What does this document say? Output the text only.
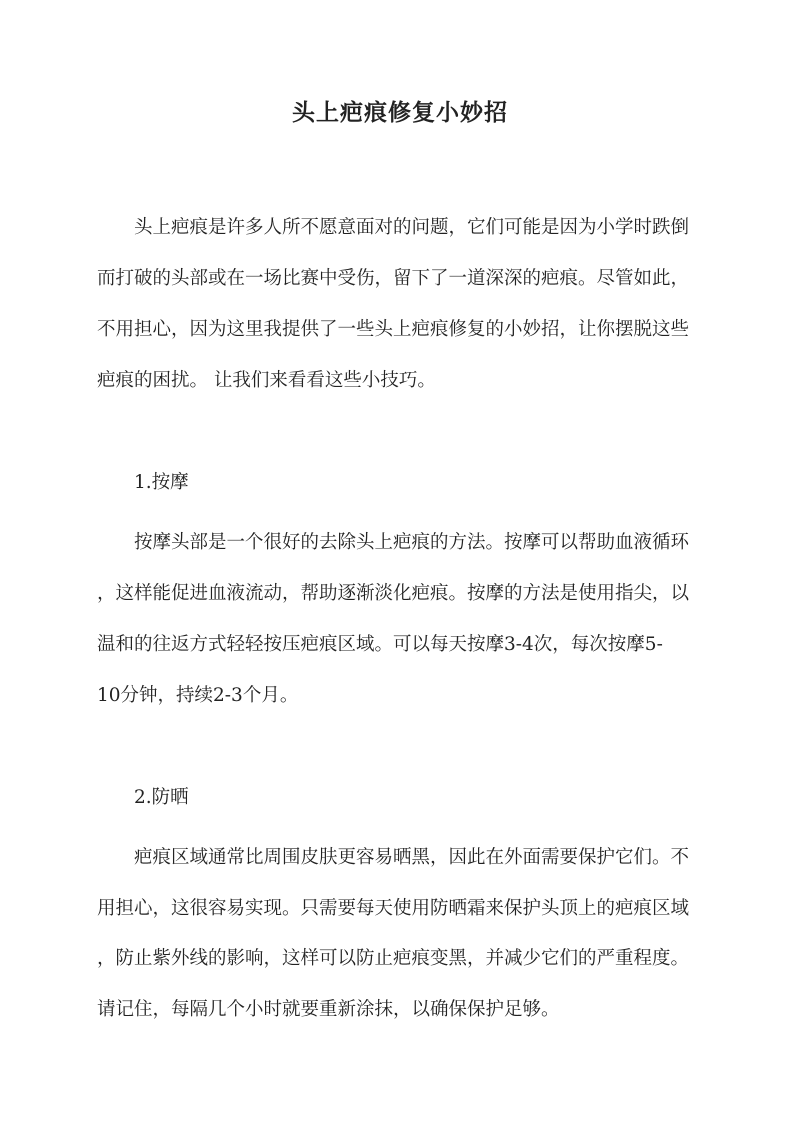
头上疤痕修复小妙招
头上疤痕是许多人所不愿意面对的问题，它们可能是因为小学时跌倒
而打破的头部或在一场比赛中受伤，留下了一道深深的疤痕。尽管如此，
不用担心，因为这里我提供了一些头上疤痕修复的小妙招，让你摆脱这些
疤痕的困扰。 让我们来看看这些小技巧。
1.按摩
按摩头部是一个很好的去除头上疤痕的方法。按摩可以帮助血液循环
，这样能促进血液流动，帮助逐渐淡化疤痕。按摩的方法是使用指尖，以
温和的往返方式轻轻按压疤痕区域。可以每天按摩3-4次，每次按摩5-
10分钟，持续2-3个月。
2.防晒
疤痕区域通常比周围皮肤更容易晒黑，因此在外面需要保护它们。不
用担心，这很容易实现。只需要每天使用防晒霜来保护头顶上的疤痕区域
，防止紫外线的影响，这样可以防止疤痕变黑，并减少它们的严重程度。
请记住，每隔几个小时就要重新涂抹，以确保保护足够。
